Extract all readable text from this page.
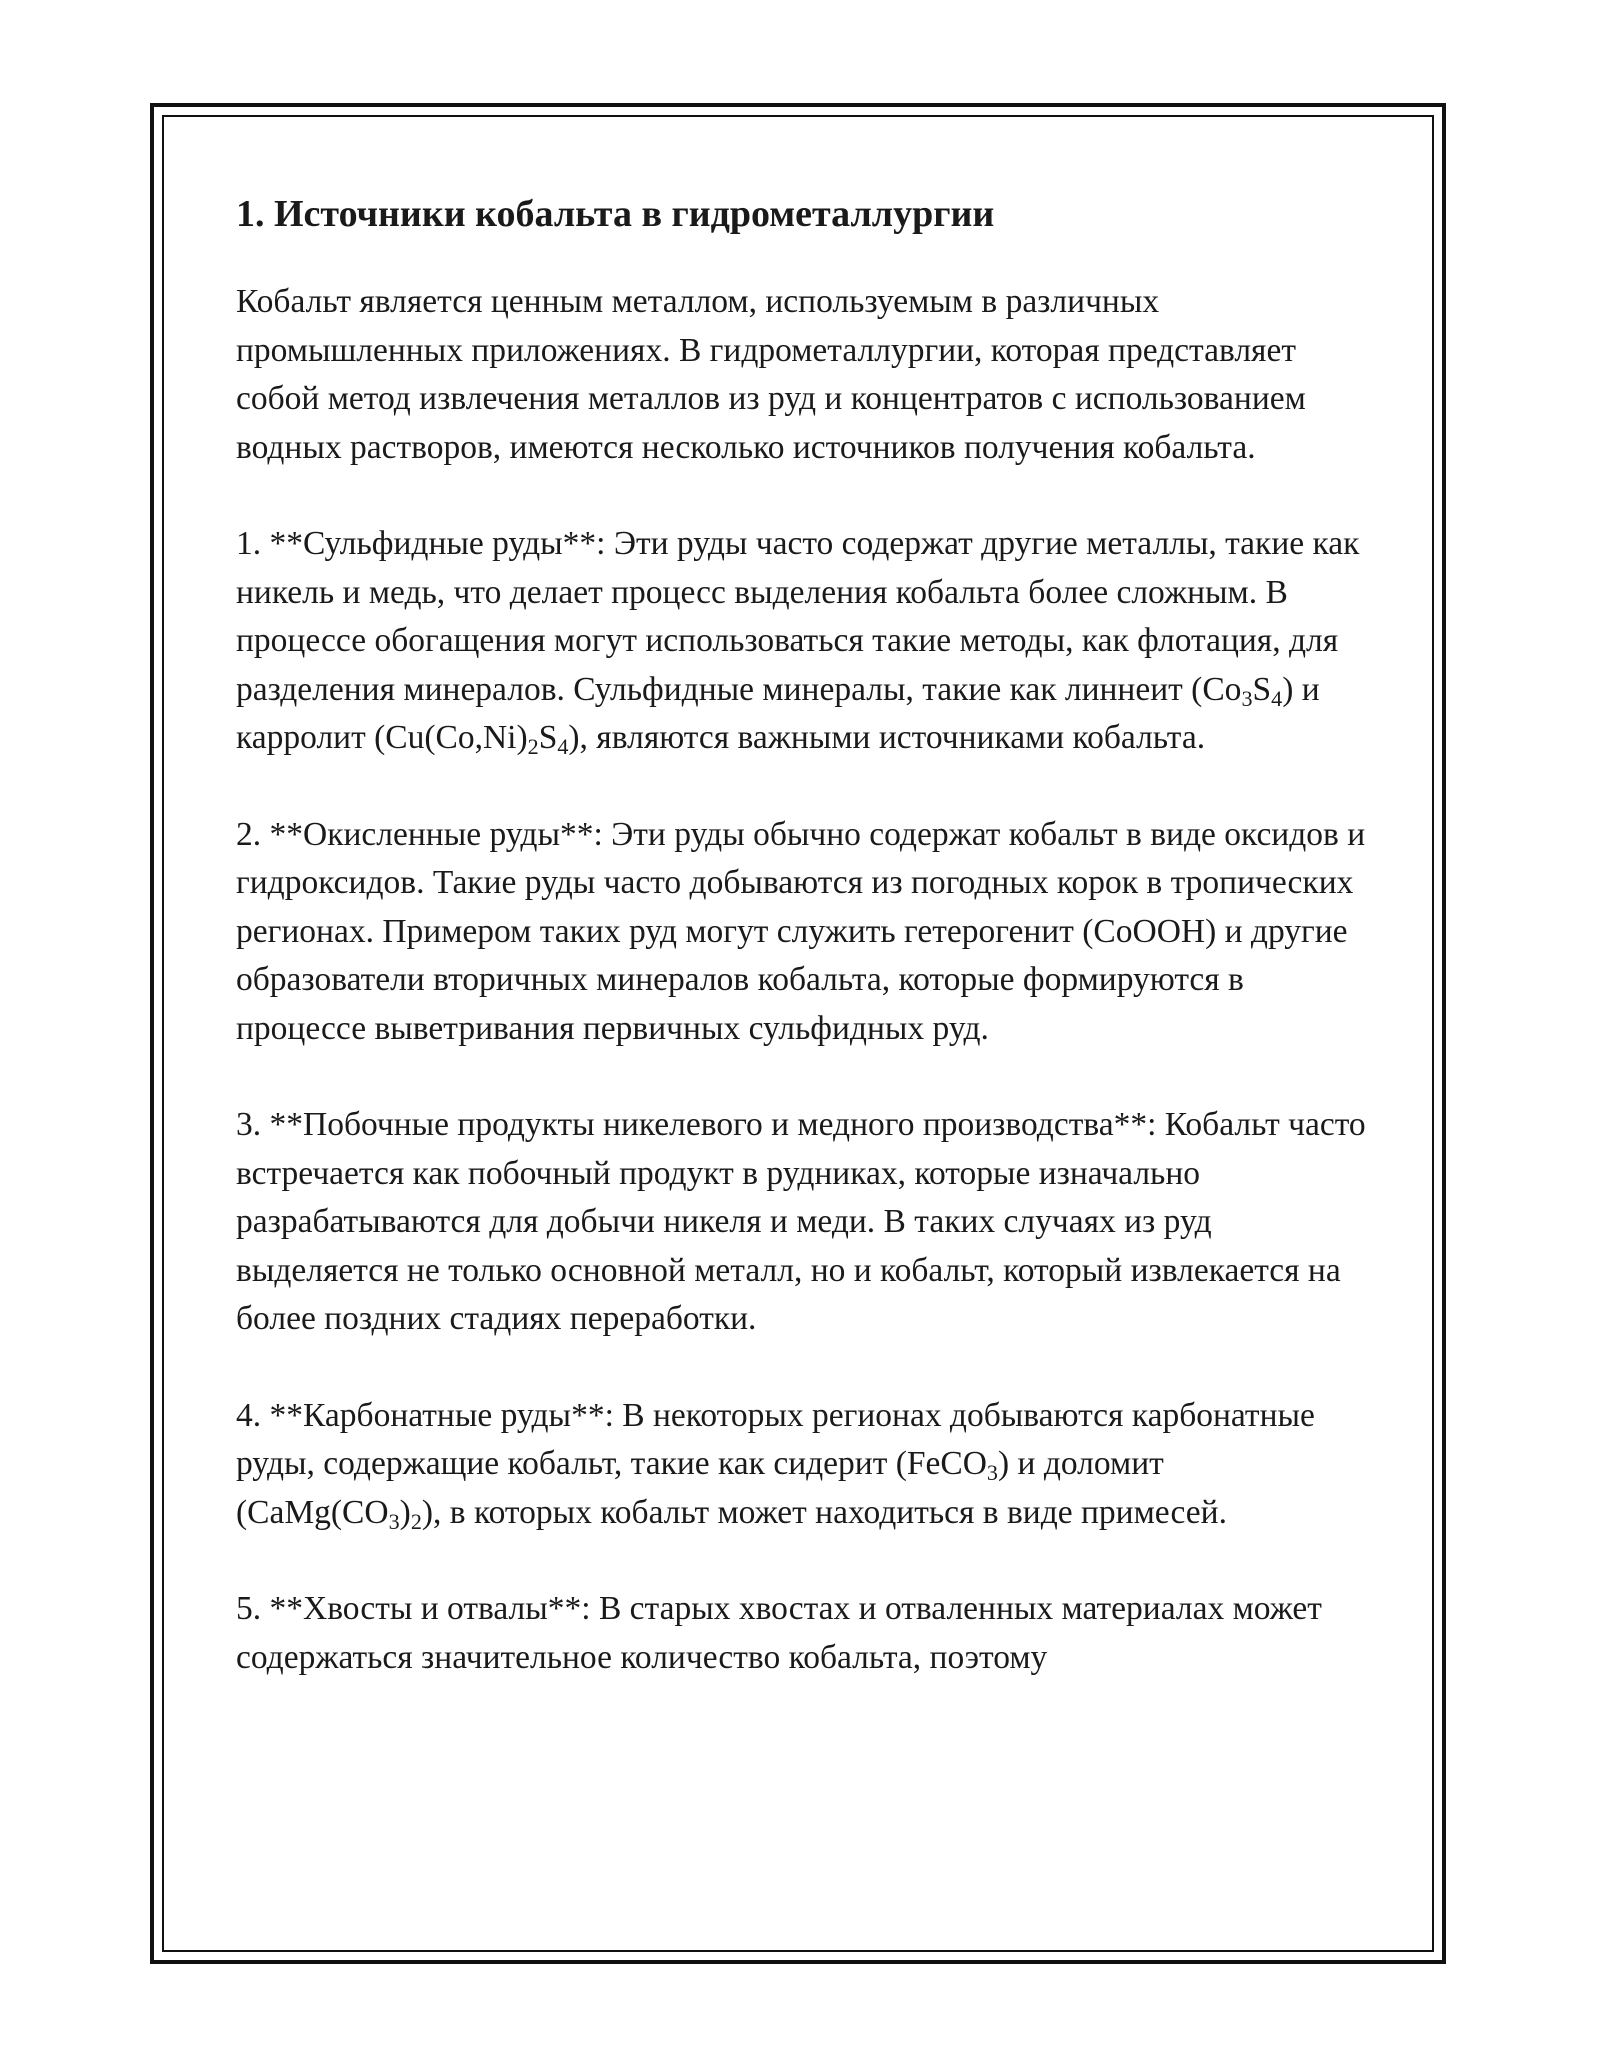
1. Источники кобальта в гидрометаллургии

Кобальт является ценным металлом, используемым в различных промышленных приложениях. В гидрометаллургии, которая представляет собой метод извлечения металлов из руд и концентратов с использованием водных растворов, имеются несколько источников получения кобальта.

1. **Сульфидные руды**: Эти руды часто содержат другие металлы, такие как никель и медь, что делает процесс выделения кобальта более сложным. В процессе обогащения могут использоваться такие методы, как флотация, для разделения минералов. Сульфидные минералы, такие как линнеит $(Co_3S_4)$ и карролит $(Cu(Co,Ni)_2S_4)$, являются важными источниками кобальта.

2. **Окисленные руды**: Эти руды обычно содержат кобальт в виде оксидов и гидроксидов. Такие руды часто добываются из погодных корок в тропических регионах. Примером таких руд могут служить гетерогенит (CoOOH) и другие образователи вторичных минералов кобальта, которые формируются в процессе выветривания первичных сульфидных руд.

3. **Побочные продукты никелевого и медного производства**: Кобальт часто встречается как побочный продукт в рудниках, которые изначально разрабатываются для добычи никеля и меди. В таких случаях из руд выделяется не только основной металл, но и кобальт, который извлекается на более поздних стадиях переработки.

4. **Карбонатные руды**: В некоторых регионах добываются карбонатные руды, содержащие кобальт, такие как сидерит (FeCO$_3$) и доломит $(CaMg(CO_3)_2)$, в которых кобальт может находиться в виде примесей.

5. **Хвосты и отвалы**: В старых хвостах и отваленных материалах может содержаться значительное количество кобальта, поэтому
